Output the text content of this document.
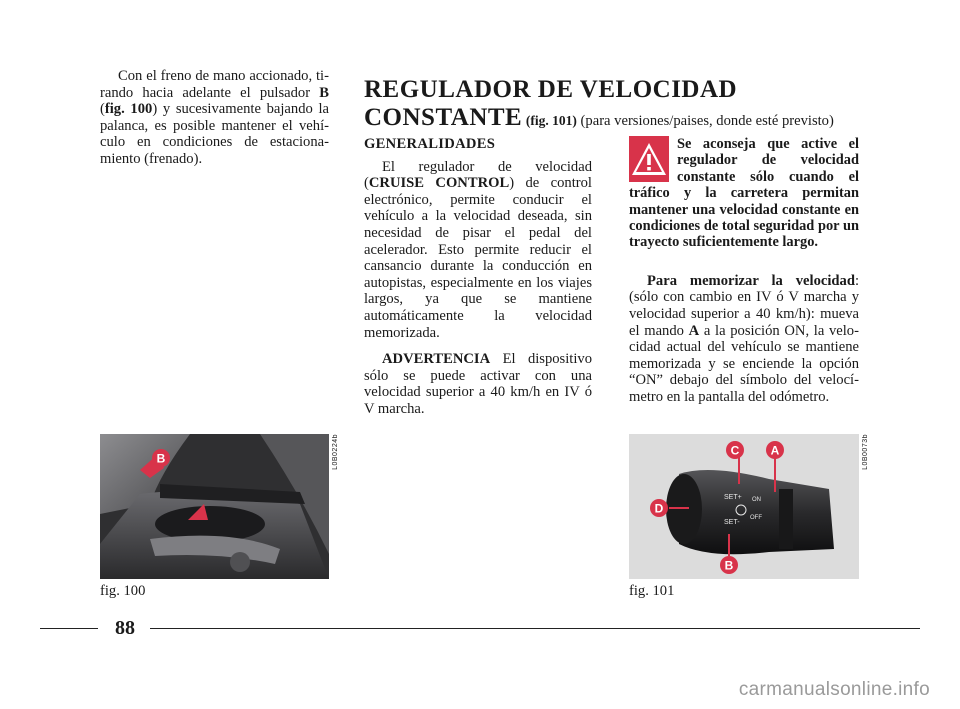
Con el freno de mano accionado, tirando hacia adelante el pulsador B (fig. 100) y sucesivamente bajando la palanca, es posible mantener el vehículo en condiciones de estacionamiento (frenado).

REGULADOR DE VELOCIDAD
CONSTANTE (fig. 101) (para versiones/paises, donde esté previsto)

GENERALIDADES

El regulador de velocidad (CRUISE CONTROL) de control electrónico, permite conducir el vehículo a la velocidad deseada, sin necesidad de pisar el pedal del acelerador. Esto permite reducir el cansancio durante la conducción en autopistas, especialmente en los viajes largos, ya que se mantiene automáticamente la velocidad memorizada.

ADVERTENCIA El dispositivo sólo se puede activar con una velocidad superior a 40 km/h en IV ó V marcha.

Se aconseja que active el regulador de velocidad constante sólo cuando el tráfico y la carretera permitan mantener una velocidad constante en condiciones de total seguridad por un trayecto suficientemente largo.

Para memorizar la velocidad: (sólo con cambio en IV ó V marcha y velocidad superior a 40 km/h): mueva el mando A a la posición ON, la velocidad actual del vehículo se mantiene memorizada y se enciende la opción “ON” debajo del símbolo del velocímetro en la pantalla del odómetro.

B	L0B0224b
SET+
SET-
ON
OFF
C	A
D
B
L0B0073b
fig. 100	fig. 101
88
carmanualsonline.info
